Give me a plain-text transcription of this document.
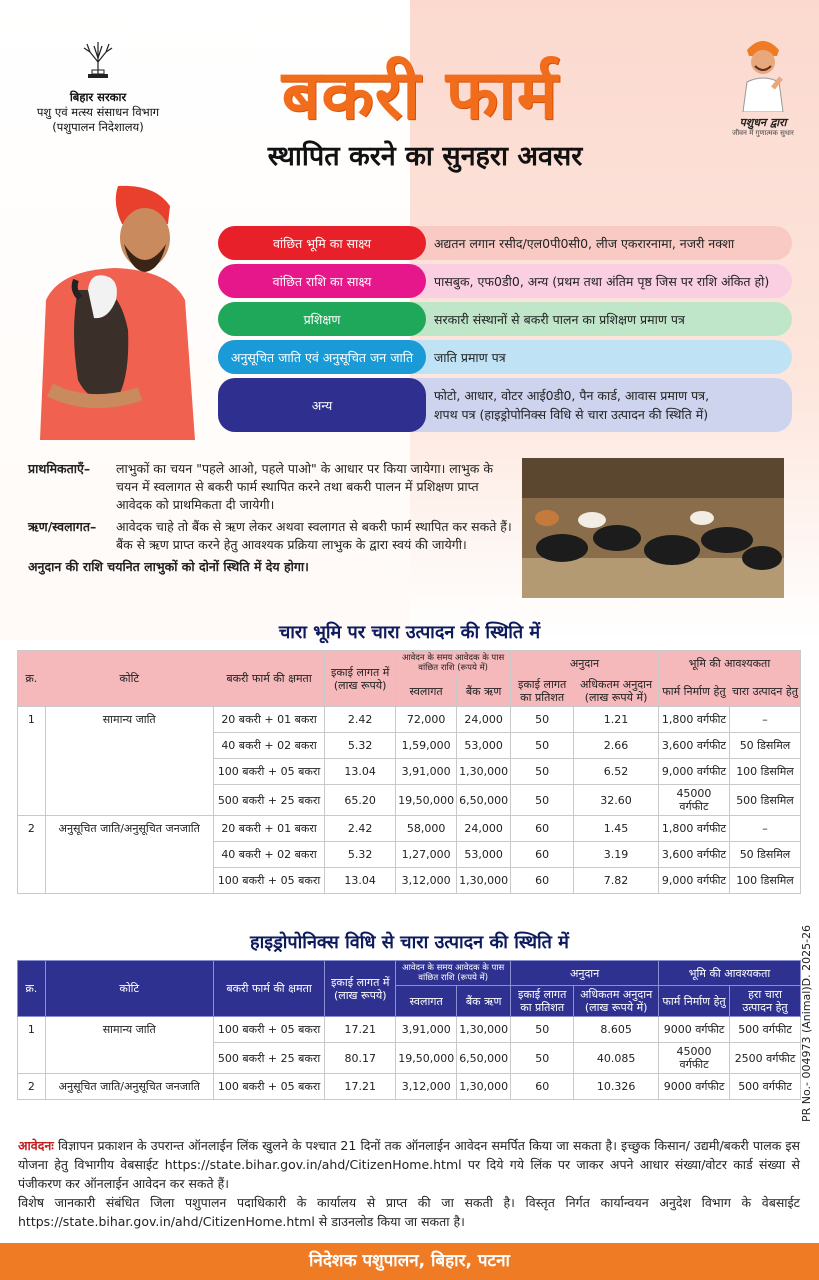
बिहार सरकार
पशु एवं मत्स्य संसाधन विभाग
(पशुपालन निदेशालय)	बकरी फार्म
स्थापित करने का सुनहरा अवसर
पशुधन द्वारा
जीवन में गुणात्मक सुधार
वांछित भूमि का साक्ष्य	अद्यतन लगान रसीद/एल0पी0सी0, लीज एकरारनामा, नजरी नक्शा
वांछित राशि का साक्ष्य	पासबुक, एफ0डी0, अन्य (प्रथम तथा अंतिम पृष्ठ जिस पर राशि अंकित हो)
प्रशिक्षण	सरकारी संस्थानों से बकरी पालन का प्रशिक्षण प्रमाण पत्र
अनुसूचित जाति एवं अनुसूचित जन जाति	जाति प्रमाण पत्र
अन्य
फोटो, आधार, वोटर आई0डी0, पैन कार्ड, आवास प्रमाण पत्र,
शपथ पत्र (हाइड्रोपोनिक्स विधि से चारा उत्पादन की स्थिति में)
प्राथमिकताएँ–	लाभुकों का चयन "पहले आओ, पहले पाओ" के आधार पर किया जायेगा। लाभुक के चयन में स्वलागत से बकरी फार्म स्थापित करने तथा बकरी पालन में प्रशिक्षण प्राप्त आवेदक को प्राथमिकता दी जायेगी।
ऋण/स्वलागत–	आवेदक चाहे तो बैंक से ऋण लेकर अथवा स्वलागत से बकरी फार्म स्थापित कर सकते हैं। बैंक से ऋण प्राप्त करने हेतु आवश्यक प्रक्रिया लाभुक के द्वारा स्वयं की जायेगी।
अनुदान की राशि चयनित लाभुकों को दोनों स्थिति में देय होगा।
चारा भूमि पर चारा उत्पादन की स्थिति में
क्र.	कोटि	बकरी फार्म की क्षमता	इकाई लागत में (लाख रूपये)	आवेदन के समय आवेदक के पास वांछित राशि (रूपये में)		अनुदान		भूमि की आवश्यकता	
				स्वलागत	बैंक ऋण	इकाई लागत का प्रतिशत	अधिकतम अनुदान (लाख रूपये में)	फार्म निर्माण हेतु	चारा उत्पादन हेतु
1	सामान्य जाति	20 बकरी + 01 बकरा	2.42	72,000	24,000	50	1.21	1,800 वर्गफीट	–
		40 बकरी + 02 बकरा	5.32	1,59,000	53,000	50	2.66	3,600 वर्गफीट	50 डिसमिल
		100 बकरी + 05 बकरा	13.04	3,91,000	1,30,000	50	6.52	9,000 वर्गफीट	100 डिसमिल
		500 बकरी + 25 बकरा	65.20	19,50,000	6,50,000	50	32.60	45000 वर्गफीट	500 डिसमिल
2	अनुसूचित जाति/अनुसूचित जनजाति	20 बकरी + 01 बकरा	2.42	58,000	24,000	60	1.45	1,800 वर्गफीट	–
		40 बकरी + 02 बकरा	5.32	1,27,000	53,000	60	3.19	3,600 वर्गफीट	50 डिसमिल
		100 बकरी + 05 बकरा	13.04	3,12,000	1,30,000	60	7.82	9,000 वर्गफीट	100 डिसमिल
हाइड्रोपोनिक्स विधि से चारा उत्पादन की स्थिति में
क्र.	कोटि	बकरी फार्म की क्षमता	इकाई लागत में (लाख रूपये)	आवेदन के समय आवेदक के पास वांछित राशि (रूपये में)		अनुदान		भूमि की आवश्यकता	
				स्वलागत	बैंक ऋण	इकाई लागत का प्रतिशत	अधिकतम अनुदान (लाख रूपये में)	फार्म निर्माण हेतु	हरा चारा उत्पादन हेतु
1	सामान्य जाति	100 बकरी + 05 बकरा	17.21	3,91,000	1,30,000	50	8.605	9000 वर्गफीट	500 वर्गफीट
		500 बकरी + 25 बकरा	80.17	19,50,000	6,50,000	50	40.085	45000 वर्गफीट	2500 वर्गफीट
2	अनुसूचित जाति/अनुसूचित जनजाति	100 बकरी + 05 बकरा	17.21	3,12,000	1,30,000	60	10.326	9000 वर्गफीट	500 वर्गफीट PR No.- 004973 (Animal)D. 2025-26

आवेदनः विज्ञापन प्रकाशन के उपरान्त ऑनलाईन लिंक खुलने के पश्चात 21 दिनों तक ऑनलाईन आवेदन समर्पित किया जा सकता है। इच्छुक किसान/ उद्यमी/बकरी पालक इस योजना हेतु विभागीय वेबसाईट https://state.bihar.gov.in/ahd/CitizenHome.html पर दिये गये लिंक पर जाकर अपने आधार संख्या/वोटर कार्ड संख्या से पंजीकरण कर ऑनलाईन आवेदन कर सकते हैं।

विशेष जानकारी संबंधित जिला पशुपालन पदाधिकारी के कार्यालय से प्राप्त की जा सकती है। विस्तृत निर्गत कार्यान्वयन अनुदेश विभाग के वेबसाईट https://state.bihar.gov.in/ahd/CitizenHome.html से डाउनलोड किया जा सकता है।

निदेशक पशुपालन, बिहार, पटना
